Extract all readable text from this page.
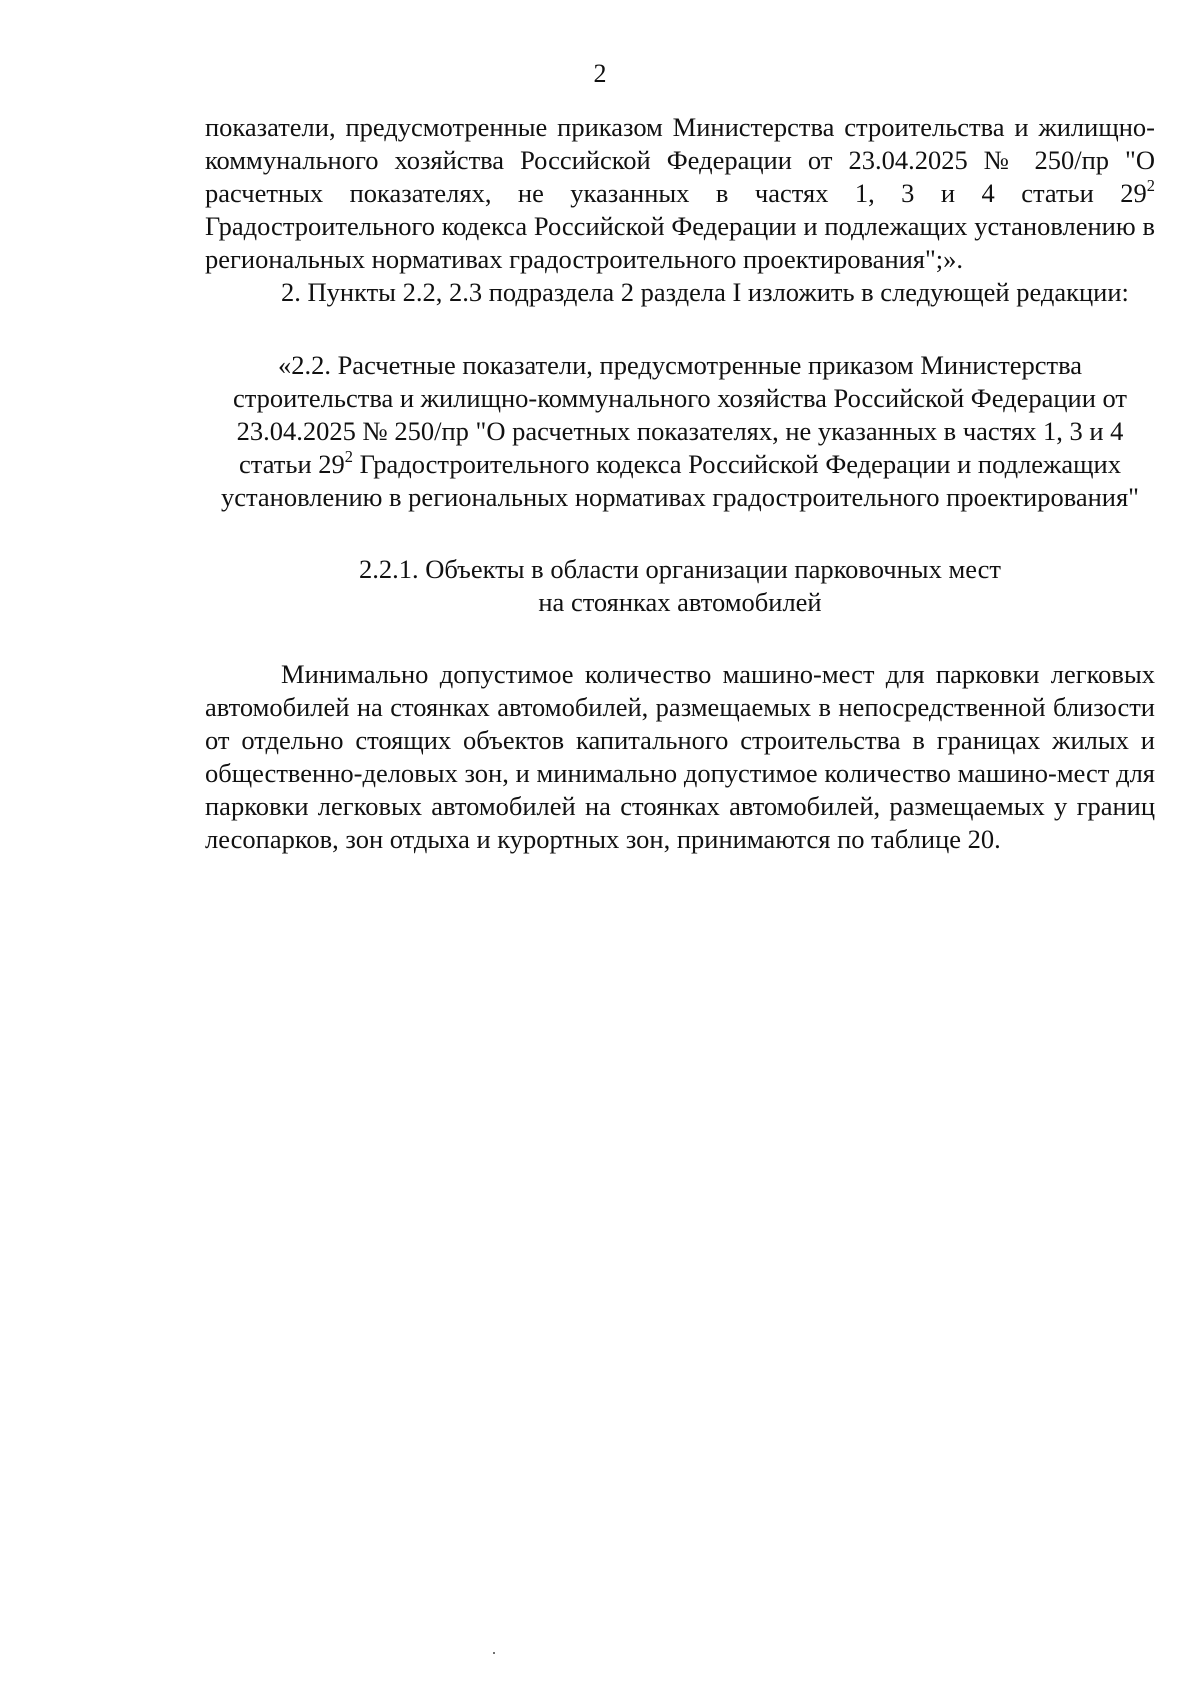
2

показатели, предусмотренные приказом Министерства строительства и жилищно-коммунального хозяйства Российской Федерации от 23.04.2025 № 250/пр "О расчетных показателях, не указанных в частях 1, 3 и 4 статьи $29^2$ Градостроительного кодекса Российской Федерации и подлежащих установлению в региональных нормативах градостроительного проектирования";».

2. Пункты 2.2, 2.3 подраздела 2 раздела I изложить в следующей редакции:

«2.2. Расчетные показатели, предусмотренные приказом Министерства строительства и жилищно-коммунального хозяйства Российской Федерации от 23.04.2025 № 250/пр "О расчетных показателях, не указанных в частях 1, 3 и 4 статьи $29^2$ Градостроительного кодекса Российской Федерации и подлежащих установлению в региональных нормативах градостроительного проектирования"

2.2.1. Объекты в области организации парковочных мест
на стоянках автомобилей

Минимально допустимое количество машино-мест для парковки легковых автомобилей на стоянках автомобилей, размещаемых в непосредственной близости от отдельно стоящих объектов капитального строительства в границах жилых и общественно-деловых зон, и минимально допустимое количество машино-мест для парковки легковых автомобилей на стоянках автомобилей, размещаемых у границ лесопарков, зон отдыха и курортных зон, принимаются по таблице 20.
